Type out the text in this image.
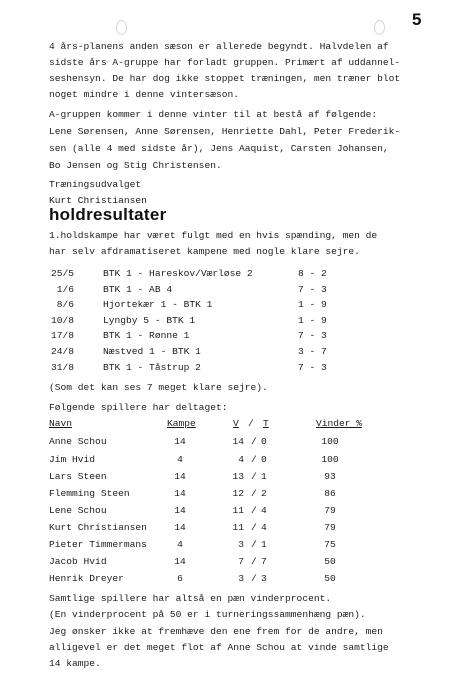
5
4 års-planens anden sæson er allerede begyndt. Halvdelen af
sidste års A-gruppe har forladt gruppen. Primært af uddannel-
seshensyn. De har dog ikke stoppet træningen, men træner blot
noget mindre i denne vintersæson.
A-gruppen kommer i denne vinter til at bestå af følgende:
Lene Sørensen, Anne Sørensen, Henriette Dahl, Peter Frederik-
sen (alle 4 med sidste år), Jens Aaquist, Carsten Johansen,
Bo Jensen og Stig Christensen.
Træningsudvalget
Kurt Christiansen
holdresultater
1.holdskampe har været fulgt med en hvis spænding, men de
har selv afdramatiseret kampene med nogle klare sejre.
25/5	BTK 1 - Hareskov/Værløse 2	8 - 2
1/6	BTK 1 - AB 4	7 - 3
8/6	Hjortekær 1 - BTK 1	1 - 9
10/8	Lyngby 5 - BTK 1	1 - 9
17/8	BTK 1 - Rønne 1	7 - 3
24/8	Næstved 1 - BTK 1	3 - 7
31/8	BTK 1 - Tåstrup 2	7 - 3
(Som det kan ses 7 meget klare sejre).
Følgende spillere har deltaget:
Navn	Kampe	V / T	Vinder %
Anne Schou	14	14 / 0	100
Jim Hvid	4	4 / 0	100
Lars Steen	14	13 / 1	93
Flemming Steen	14	12 / 2	86
Lene Schou	14	11 / 4	79
Kurt Christiansen	14	11 / 4	79
Pieter Timmermans	4	3 / 1	75
Jacob Hvid	14	7 / 7	50
Henrik Dreyer	6	3 / 3	50
Samtlige spillere har altså en pæn vinderprocent.
(En vinderprocent på 50 er i turneringssammenhæng pæn).
Jeg ønsker ikke at fremhæve den ene frem for de andre, men
alligevel er det meget flot af Anne Schou at vinde samtlige
14 kampe.
